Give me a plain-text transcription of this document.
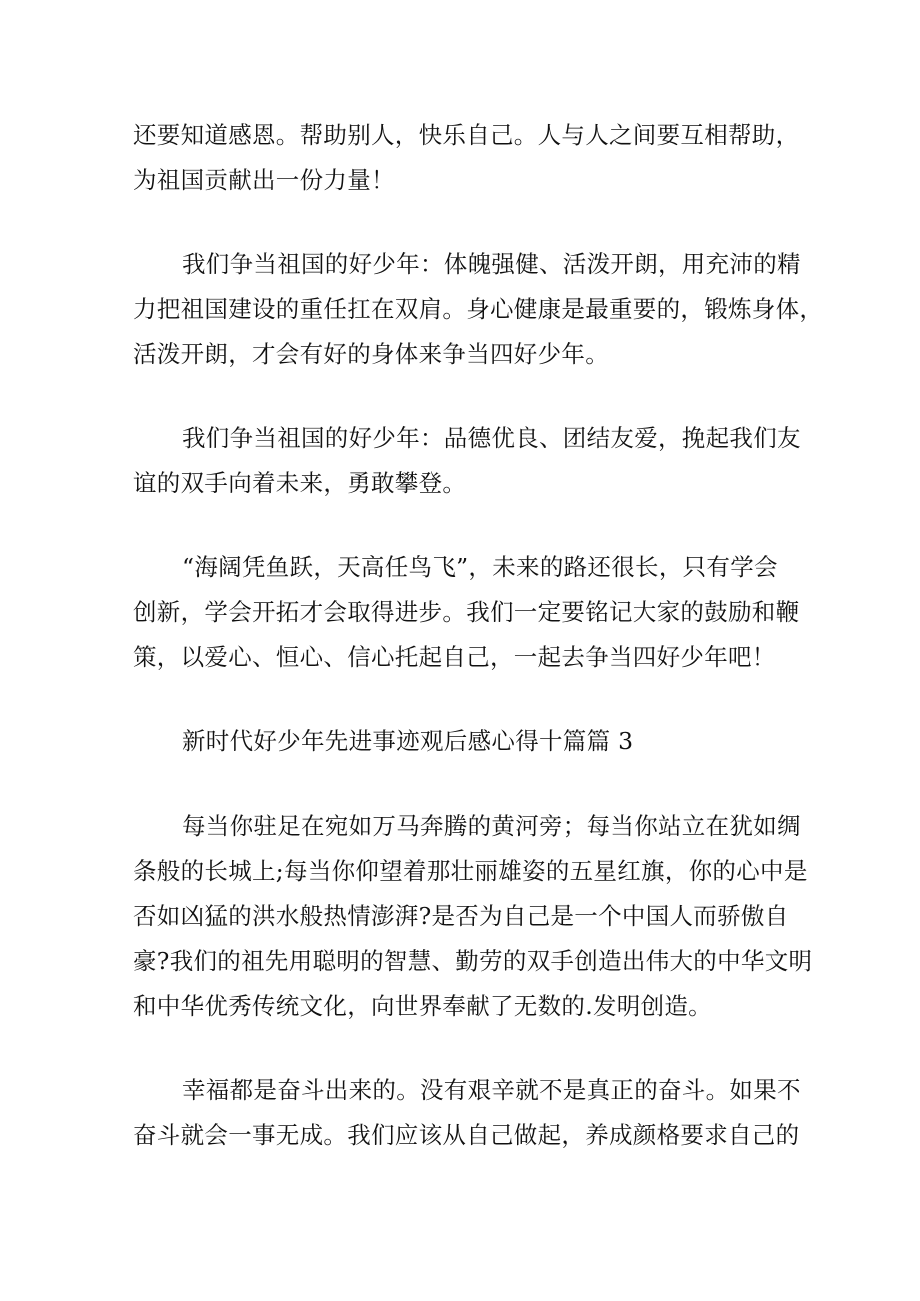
还要知道感恩。帮助别人，快乐自己。人与人之间要互相帮助，
为祖国贡献出一份力量！
我们争当祖国的好少年：体魄强健、活泼开朗，用充沛的精
力把祖国建设的重任扛在双肩。身心健康是最重要的，锻炼身体，
活泼开朗，才会有好的身体来争当四好少年。
我们争当祖国的好少年：品德优良、团结友爱，挽起我们友
谊的双手向着未来，勇敢攀登。
“海阔凭鱼跃，天高任鸟飞”，未来的路还很长，只有学会
创新，学会开拓才会取得进步。我们一定要铭记大家的鼓励和鞭
策，以爱心、恒心、信心托起自己，一起去争当四好少年吧！
新时代好少年先进事迹观后感心得十篇篇 3
每当你驻足在宛如万马奔腾的黄河旁；每当你站立在犹如绸
条般的长城上;每当你仰望着那壮丽雄姿的五星红旗，你的心中是
否如凶猛的洪水般热情澎湃?是否为自己是一个中国人而骄傲自
豪?我们的祖先用聪明的智慧、勤劳的双手创造出伟大的中华文明
和中华优秀传统文化，向世界奉献了无数的.发明创造。
幸福都是奋斗出来的。没有艰辛就不是真正的奋斗。如果不
奋斗就会一事无成。我们应该从自己做起，养成颜格要求自己的
